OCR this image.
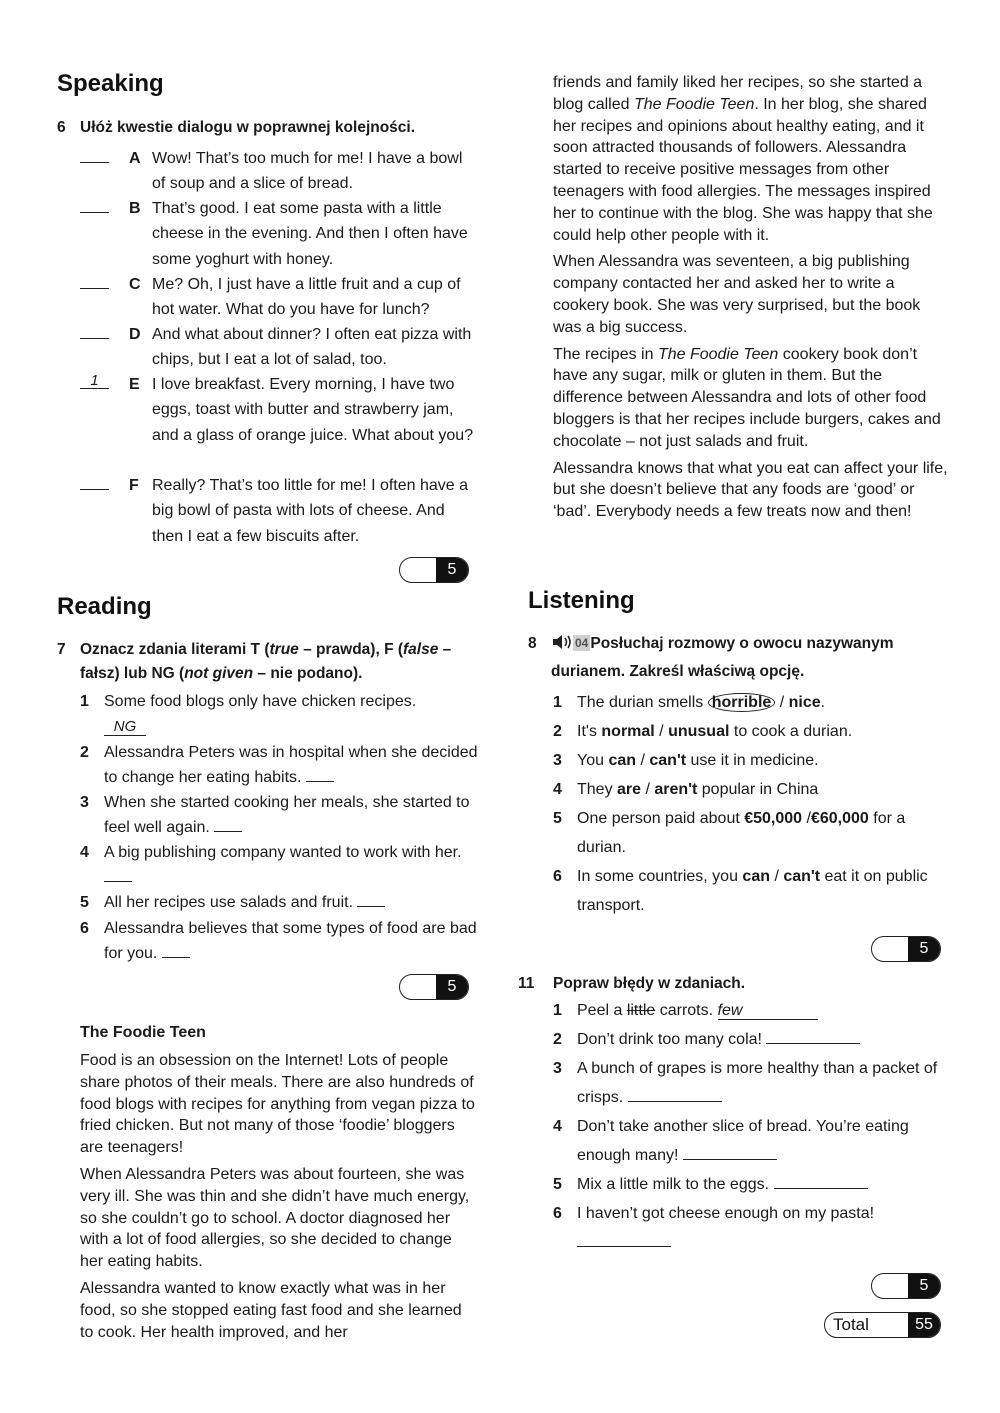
Speaking
6 Ułóż kwestie dialogu w poprawnej kolejności.
A Wow! That’s too much for me! I have a bowl of soup and a slice of bread.
B That’s good. I eat some pasta with a little cheese in the evening. And then I often have some yoghurt with honey.
C Me? Oh, I just have a little fruit and a cup of hot water. What do you have for lunch?
D And what about dinner? I often eat pizza with chips, but I eat a lot of salad, too.
1	E I love breakfast. Every morning, I have two eggs, toast with butter and strawberry jam, and a glass of orange juice. What about you?
F Really? That’s too little for me! I often have a big bowl of pasta with lots of cheese. And then I eat a few biscuits after.
5
Reading
7 Oznacz zdania literami T (true – prawda), F (false – fałsz) lub NG (not given – nie podano).
1 Some food blogs only have chicken recipes.
NG
2 Alessandra Peters was in hospital when she decided to change her eating habits.
3 When she started cooking her meals, she started to feel well again.
4 A big publishing company wanted to work with her.
5 All her recipes use salads and fruit.
6 Alessandra believes that some types of food are bad for you.
5
The Foodie Teen

Food is an obsession on the Internet! Lots of people share photos of their meals. There are also hundreds of food blogs with recipes for anything from vegan pizza to fried chicken. But not many of those ‘foodie’ bloggers are teenagers!

When Alessandra Peters was about fourteen, she was very ill. She was thin and she didn’t have much energy, so she couldn’t go to school. A doctor diagnosed her with a lot of food allergies, so she decided to change her eating habits.

Alessandra wanted to know exactly what was in her food, so she stopped eating fast food and she learned to cook. Her health improved, and her

friends and family liked her recipes, so she started a blog called The Foodie Teen. In her blog, she shared her recipes and opinions about healthy eating, and it soon attracted thousands of followers. Alessandra started to receive positive messages from other teenagers with food allergies. The messages inspired her to continue with the blog. She was happy that she could help other people with it.

When Alessandra was seventeen, a big publishing company contacted her and asked her to write a cookery book. She was very surprised, but the book was a big success.

The recipes in The Foodie Teen cookery book don’t have any sugar, milk or gluten in them. But the difference between Alessandra and lots of other food bloggers is that her recipes include burgers, cakes and chocolate – not just salads and fruit.

Alessandra knows that what you eat can affect your life, but she doesn’t believe that any foods are ‘good’ or ‘bad’. Everybody needs a few treats now and then!

Listening
8	04 Posłuchaj rozmowy o owocu nazywanym
durianem. Zakreśl właściwą opcję.
1 The durian smells horrible / nice.
2 It's normal / unusual to cook a durian.
3 You can / can't use it in medicine.
4 They are / aren't popular in China
5 One person paid about €50,000 /€60,000 for a durian.
6 In some countries, you can / can't eat it on public transport.
5
11 Popraw błędy w zdaniach.
1 Peel a little carrots. few
2 Don’t drink too many cola!
3 A bunch of grapes is more healthy than a packet of crisps.
4 Don’t take another slice of bread. You’re eating enough many!
5 Mix a little milk to the eggs.
6 I haven’t got cheese enough on my pasta!

5
Total	55
